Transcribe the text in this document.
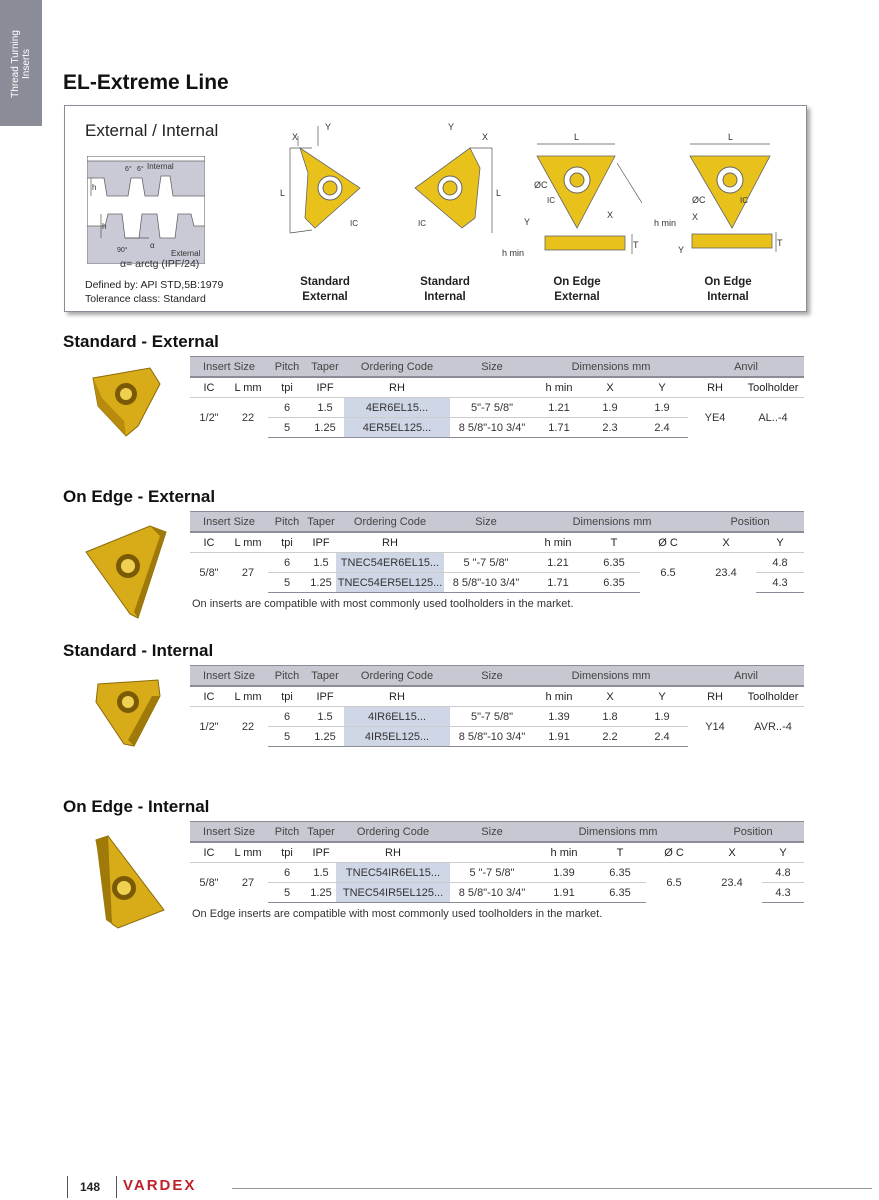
Thread Turning Inserts
EL-Extreme Line
External / Internal
h
h
6° 6° Internal
90°
α
External
α= arctg (IPF/24)
Defined by: API STD,5B:1979
Tolerance class: Standard
Y
X
L
IC
Y
X
L
IC
L
ØC
IC
X
Y
h min
T
L
ØC
X
h min
IC
Y
T
Standard
External
Standard
Internal
On Edge
External
On Edge
Internal
Standard - External
Insert Size		Pitch	Taper	Ordering Code	Size	Dimensions mm			Anvil	
IC	L mm	tpi	IPF	RH		h min	X	Y	RH	Toolholder
1/2"	22	6	1.5	4ER6EL15...	5"-7 5/8"	1.21	1.9	1.9	YE4	AL..-4
		5	1.25	4ER5EL125...	8 5/8"-10 3/4"	1.71	2.3	2.4		
On Edge - External
Insert Size		Pitch	Taper	Ordering Code	Size	Dimensions mm			Position	
IC	L mm	tpi	IPF	RH		h min	T	Ø C	X	Y
5/8"	27	6	1.5	TNEC54ER6EL15...	5 "-7 5/8"	1.21	6.35	6.5	23.4	4.8
		5	1.25	TNEC54ER5EL125...	8 5/8"-10 3/4"	1.71	6.35			4.3
On inserts are compatible with most commonly used toolholders in the market.
Standard - Internal
Insert Size		Pitch	Taper	Ordering Code	Size	Dimensions mm			Anvil	
IC	L mm	tpi	IPF	RH		h min	X	Y	RH	Toolholder
1/2"	22	6	1.5	4IR6EL15...	5"-7 5/8"	1.39	1.8	1.9	Y14	AVR..-4
		5	1.25	4IR5EL125...	8 5/8"-10 3/4"	1.91	2.2	2.4		
On Edge - Internal
Insert Size		Pitch	Taper	Ordering Code	Size	Dimensions mm			Position	
IC	L mm	tpi	IPF	RH		h min	T	Ø C	X	Y
5/8"	27	6	1.5	TNEC54IR6EL15...	5 "-7 5/8"	1.39	6.35	6.5	23.4	4.8
		5	1.25	TNEC54IR5EL125...	8 5/8"-10 3/4"	1.91	6.35			4.3
On Edge inserts are compatible with most commonly used toolholders in the market.
148 VARDEX
